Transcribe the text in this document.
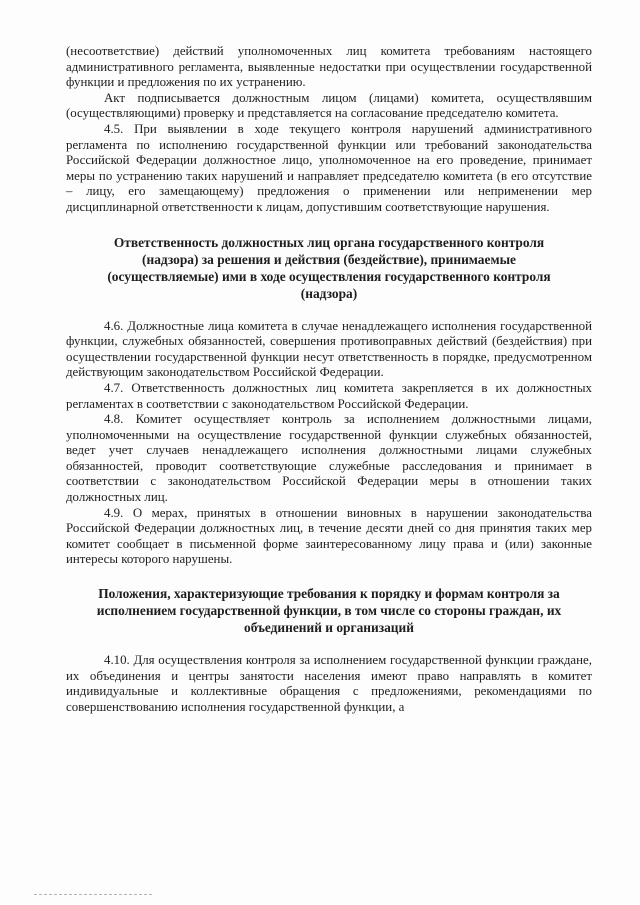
(несоответствие) действий уполномоченных лиц комитета требованиям настоящего административного регламента, выявленные недостатки при осуществлении государственной функции и предложения по их устранению.

Акт подписывается должностным лицом (лицами) комитета, осуществлявшим (осуществляющими) проверку и представляется на согласование председателю комитета.

4.5. При выявлении в ходе текущего контроля нарушений административного регламента по исполнению государственной функции или требований законодательства Российской Федерации должностное лицо, уполномоченное на его проведение, принимает меры по устранению таких нарушений и направляет председателю комитета (в его отсутствие – лицу, его замещающему) предложения о применении или неприменении мер дисциплинарной ответственности к лицам, допустившим соответствующие нарушения.

Ответственность должностных лиц органа государственного контроля (надзора) за решения и действия (бездействие), принимаемые (осуществляемые) ими в ходе осуществления государственного контроля (надзора)

4.6. Должностные лица комитета в случае ненадлежащего исполнения государственной функции, служебных обязанностей, совершения противоправных действий (бездействия) при осуществлении государственной функции несут ответственность в порядке, предусмотренном действующим законодательством Российской Федерации.

4.7. Ответственность должностных лиц комитета закрепляется в их должностных регламентах в соответствии с законодательством Российской Федерации.

4.8. Комитет осуществляет контроль за исполнением должностными лицами, уполномоченными на осуществление государственной функции служебных обязанностей, ведет учет случаев ненадлежащего исполнения должностными лицами служебных обязанностей, проводит соответствующие служебные расследования и принимает в соответствии с законодательством Российской Федерации меры в отношении таких должностных лиц.

4.9. О мерах, принятых в отношении виновных в нарушении законодательства Российской Федерации должностных лиц, в течение десяти дней со дня принятия таких мер комитет сообщает в письменной форме заинтересованному лицу права и (или) законные интересы которого нарушены.

Положения, характеризующие требования к порядку и формам контроля за исполнением государственной функции, в том числе со стороны граждан, их объединений и организаций

4.10. Для осуществления контроля за исполнением государственной функции граждане, их объединения и центры занятости населения имеют право направлять в комитет индивидуальные и коллективные обращения с предложениями, рекомендациями по совершенствованию исполнения государственной функции, а
